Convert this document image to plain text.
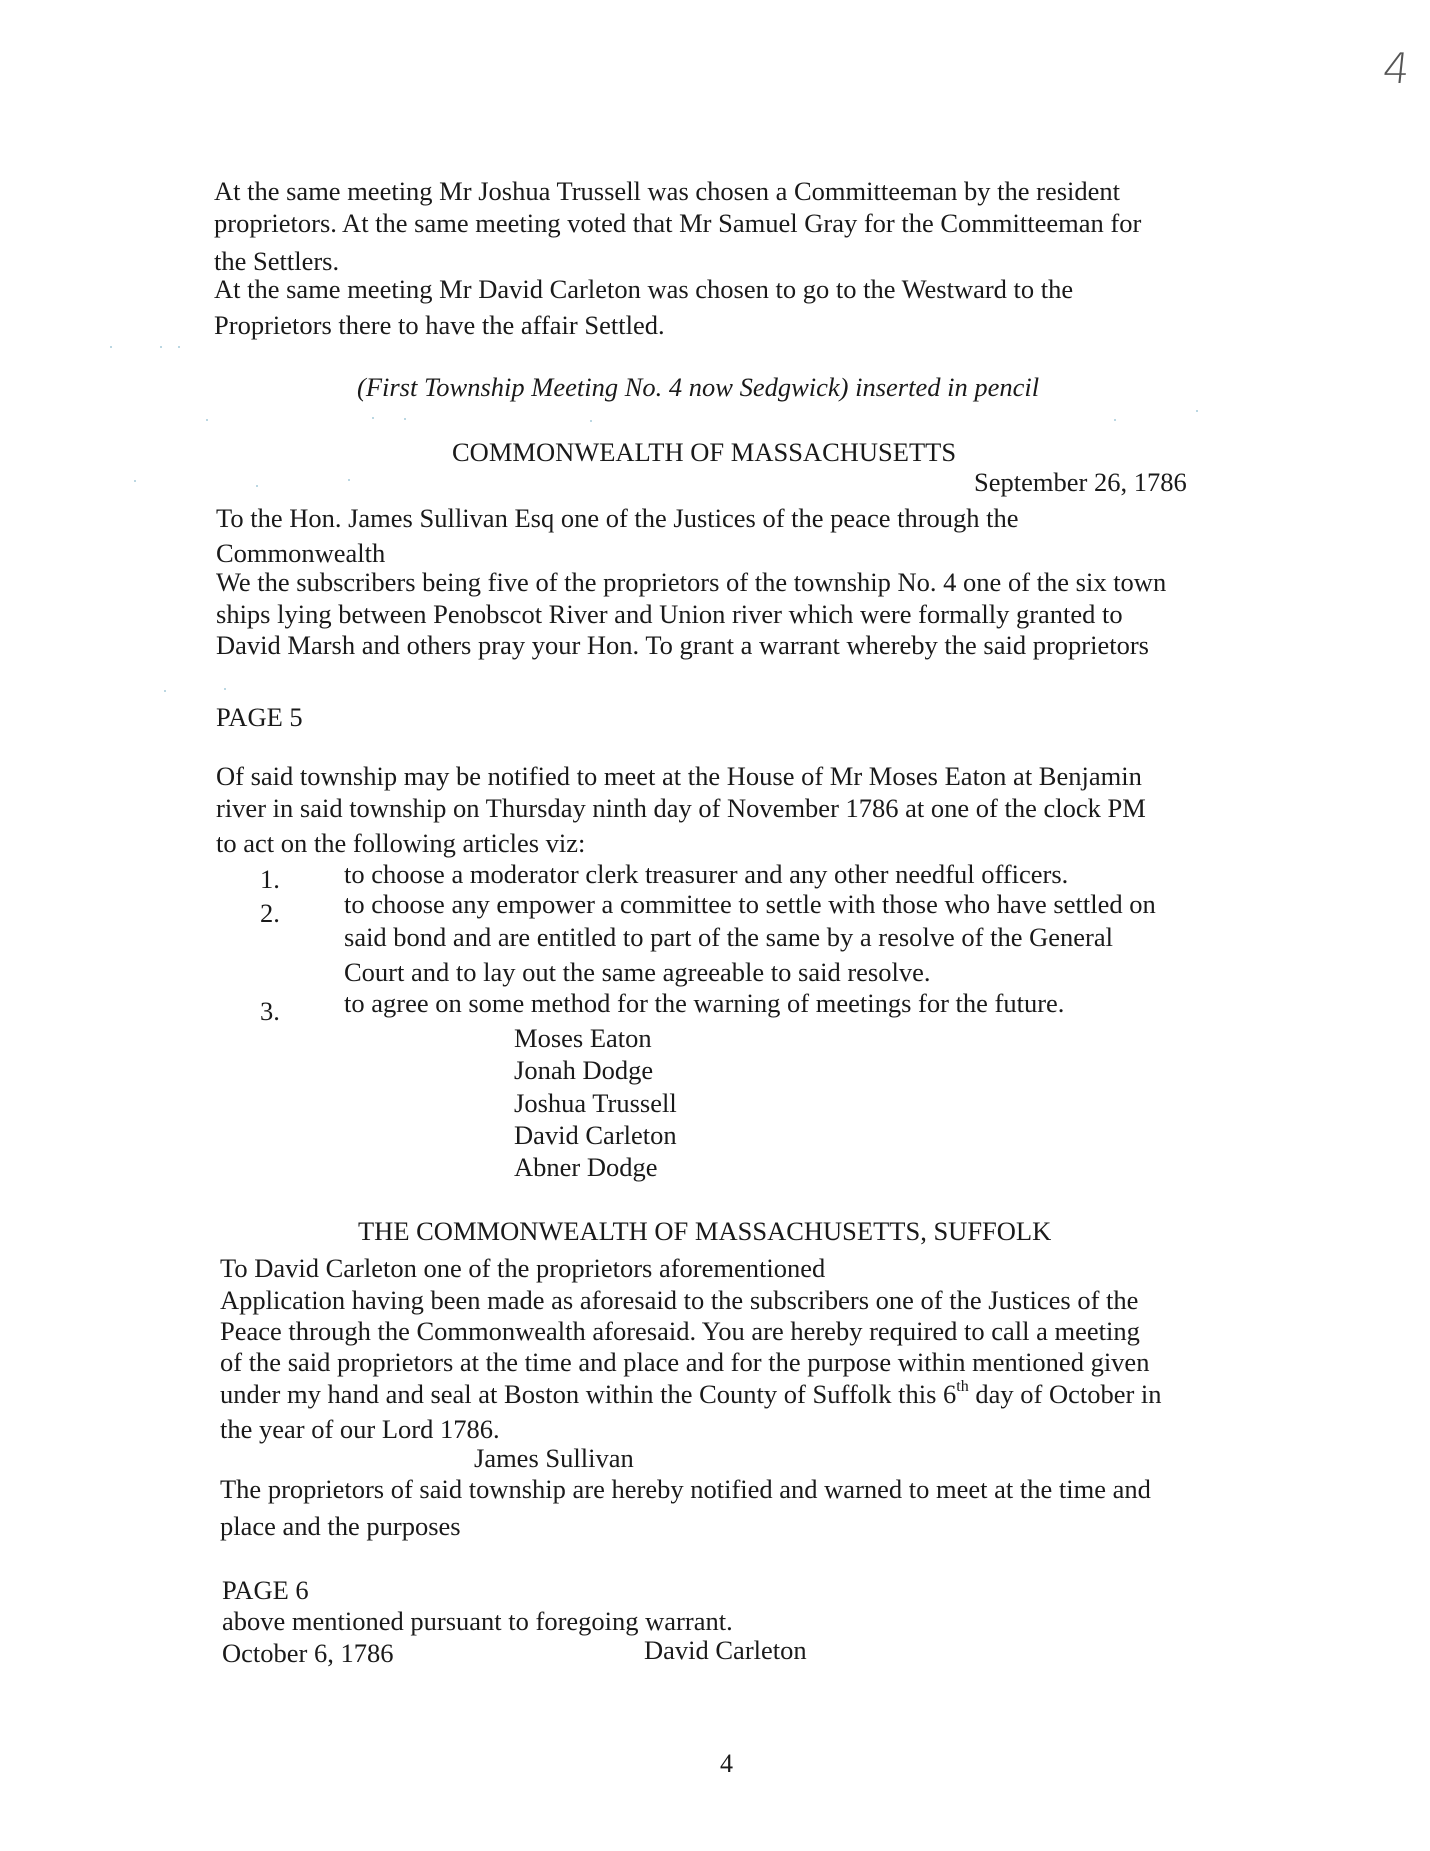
4
At the same meeting Mr Joshua Trussell was chosen a Committeeman by the resident
proprietors. At the same meeting voted that Mr Samuel Gray for the Committeeman for
the Settlers.
At the same meeting Mr David Carleton was chosen to go to the Westward to the
Proprietors there to have the affair Settled.
(First Township Meeting No. 4 now Sedgwick) inserted in pencil
COMMONWEALTH OF MASSACHUSETTS
September 26, 1786
To the Hon. James Sullivan Esq one of the Justices of the peace through the
Commonwealth
We the subscribers being five of the proprietors of the township No. 4 one of the six town
ships lying between Penobscot River and Union river which were formally granted to
David Marsh and others pray your Hon. To grant a warrant whereby the said proprietors
PAGE 5
Of said township may be notified to meet at the House of Mr Moses Eaton at Benjamin
river in said township on Thursday ninth day of November 1786 at one of the clock PM
to act on the following articles viz:
1. to choose a moderator clerk treasurer and any other needful officers.
2. to choose any empower a committee to settle with those who have settled on
said bond and are entitled to part of the same by a resolve of the General
Court and to lay out the same agreeable to said resolve.
3. to agree on some method for the warning of meetings for the future.
Moses Eaton
Jonah Dodge
Joshua Trussell
David Carleton
Abner Dodge
THE COMMONWEALTH OF MASSACHUSETTS, SUFFOLK
To David Carleton one of the proprietors aforementioned
Application having been made as aforesaid to the subscribers one of the Justices of the
Peace through the Commonwealth aforesaid. You are hereby required to call a meeting
of the said proprietors at the time and place and for the purpose within mentioned given
under my hand and seal at Boston within the County of Suffolk this 6th day of October in
the year of our Lord 1786.
James Sullivan
The proprietors of said township are hereby notified and warned to meet at the time and
place and the purposes
PAGE 6
above mentioned pursuant to foregoing warrant.
October 6, 1786	David Carleton
4
